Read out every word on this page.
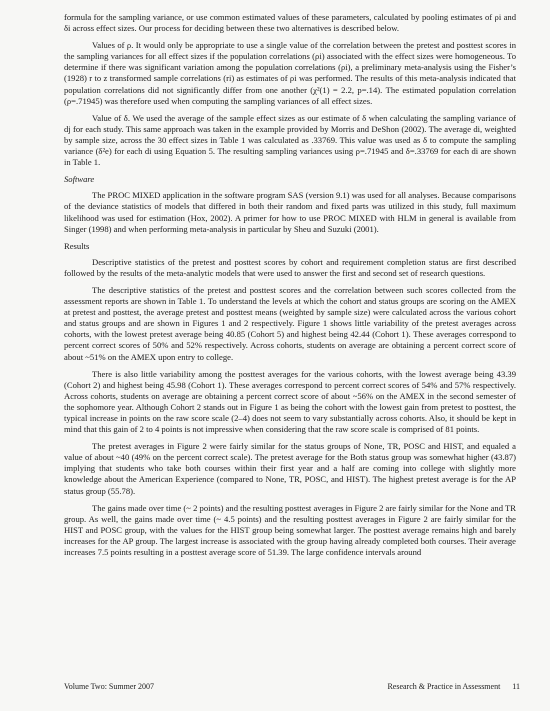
formula for the sampling variance, or use common estimated values of these parameters, calculated by pooling estimates of ρi and δi across effect sizes. Our process for deciding between these two alternatives is described below.

Values of ρ. It would only be appropriate to use a single value of the correlation between the pretest and posttest scores in the sampling variances for all effect sizes if the population correlations (ρi) associated with the effect sizes were homogeneous. To determine if there was significant variation among the population correlations (ρi), a preliminary meta-analysis using the Fisher’s (1928) r to z transformed sample correlations (ri) as estimates of ρi was performed. The results of this meta-analysis indicated that population correlations did not significantly differ from one another (χ²(1) = 2.2, p=.14). The estimated population correlation (ρ=.71945) was therefore used when computing the sampling variances of all effect sizes.

Value of δ. We used the average of the sample effect sizes as our estimate of δ when calculating the sampling variance of dj for each study. This same approach was taken in the example provided by Morris and DeShon (2002). The average di, weighted by sample size, across the 30 effect sizes in Table 1 was calculated as .33769. This value was used as δ to compute the sampling variance (δ²e) for each di using Equation 5. The resulting sampling variances using ρ=.71945 and δ=.33769 for each di are shown in Table 1.

Software

The PROC MIXED application in the software program SAS (version 9.1) was used for all analyses. Because comparisons of the deviance statistics of models that differed in both their random and fixed parts was utilized in this study, full maximum likelihood was used for estimation (Hox, 2002). A primer for how to use PROC MIXED with HLM in general is available from Singer (1998) and when performing meta-analysis in particular by Sheu and Suzuki (2001).

Results

Descriptive statistics of the pretest and posttest scores by cohort and requirement completion status are first described followed by the results of the meta-analytic models that were used to answer the first and second set of research questions.

The descriptive statistics of the pretest and posttest scores and the correlation between such scores collected from the assessment reports are shown in Table 1. To understand the levels at which the cohort and status groups are scoring on the AMEX at pretest and posttest, the average pretest and posttest means (weighted by sample size) were calculated across the various cohort and status groups and are shown in Figures 1 and 2 respectively. Figure 1 shows little variability of the pretest averages across cohorts, with the lowest pretest average being 40.85 (Cohort 5) and highest being 42.44 (Cohort 1). These averages correspond to percent correct scores of 50% and 52% respectively. Across cohorts, students on average are obtaining a percent correct score of about ~51% on the AMEX upon entry to college.

There is also little variability among the posttest averages for the various cohorts, with the lowest average being 43.39 (Cohort 2) and highest being 45.98 (Cohort 1). These averages correspond to percent correct scores of 54% and 57% respectively. Across cohorts, students on average are obtaining a percent correct score of about ~56% on the AMEX in the second semester of the sophomore year. Although Cohort 2 stands out in Figure 1 as being the cohort with the lowest gain from pretest to posttest, the typical increase in points on the raw score scale (2–4) does not seem to vary substantially across cohorts. Also, it should be kept in mind that this gain of 2 to 4 points is not impressive when considering that the raw score scale is comprised of 81 points.

The pretest averages in Figure 2 were fairly similar for the status groups of None, TR, POSC and HIST, and equaled a value of about ~40 (49% on the percent correct scale). The pretest average for the Both status group was somewhat higher (43.87) implying that students who take both courses within their first year and a half are coming into college with slightly more knowledge about the American Experience (compared to None, TR, POSC, and HIST). The highest pretest average is for the AP status group (55.78).

The gains made over time (~ 2 points) and the resulting posttest averages in Figure 2 are fairly similar for the None and TR group. As well, the gains made over time (~ 4.5 points) and the resulting posttest averages in Figure 2 are fairly similar for the HIST and POSC group, with the values for the HIST group being somewhat larger. The posttest average remains high and barely increases for the AP group. The largest increase is associated with the group having already completed both courses. Their average increases 7.5 points resulting in a posttest average score of 51.39. The large confidence intervals around

Volume Two: Summer 2007	Research & Practice in Assessment 11
